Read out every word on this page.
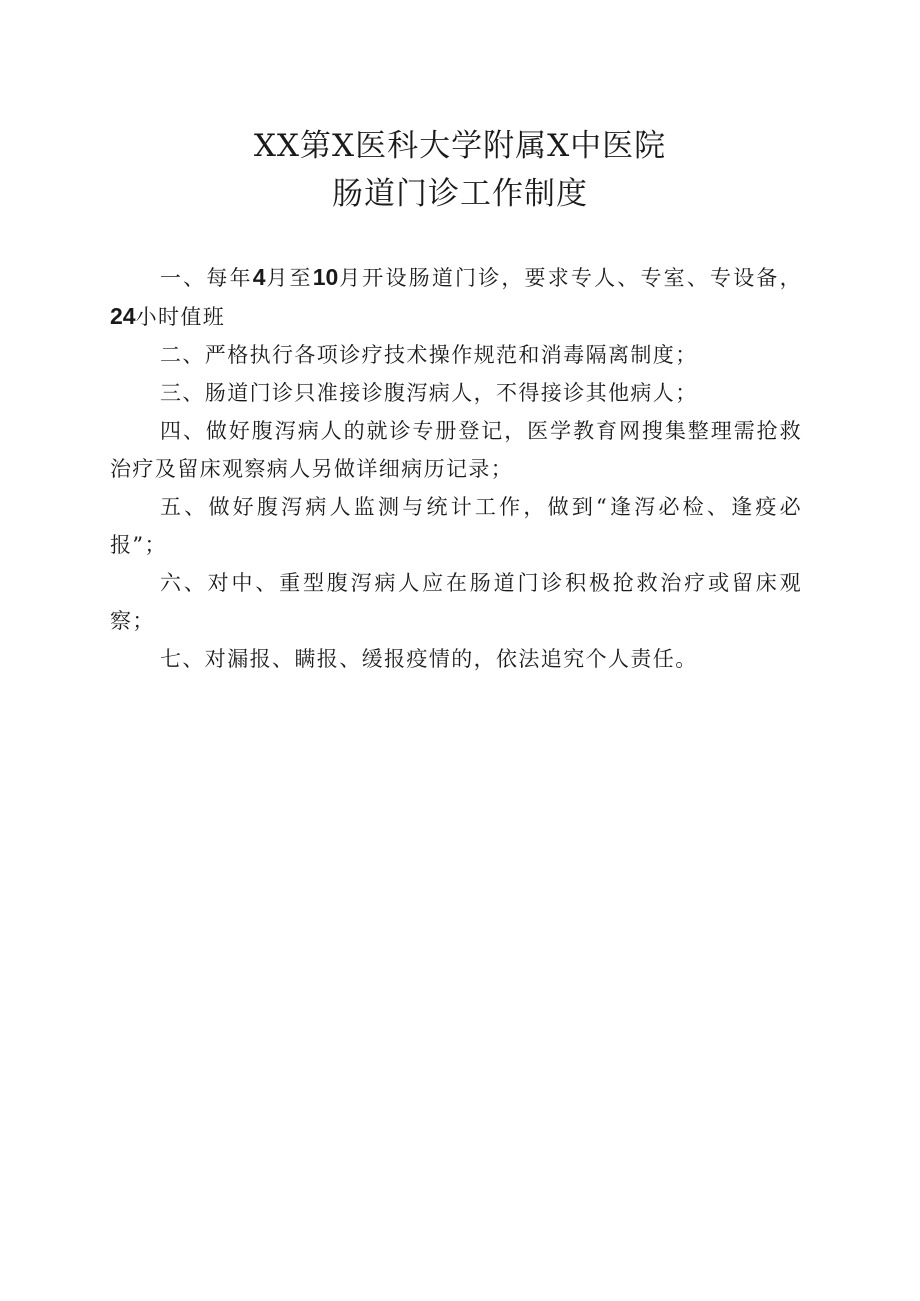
XX第X医科大学附属X中医院

肠道门诊工作制度

一、每年4月至10月开设肠道门诊，要求专人、专室、专设备，24小时值班

二、严格执行各项诊疗技术操作规范和消毒隔离制度；

三、肠道门诊只准接诊腹泻病人，不得接诊其他病人；

四、做好腹泻病人的就诊专册登记，医学教育网搜集整理需抢救治疗及留床观察病人另做详细病历记录；

五、做好腹泻病人监测与统计工作，做到“逢泻必检、逢疫必报”；

六、对中、重型腹泻病人应在肠道门诊积极抢救治疗或留床观察；

七、对漏报、瞒报、缓报疫情的，依法追究个人责任。
